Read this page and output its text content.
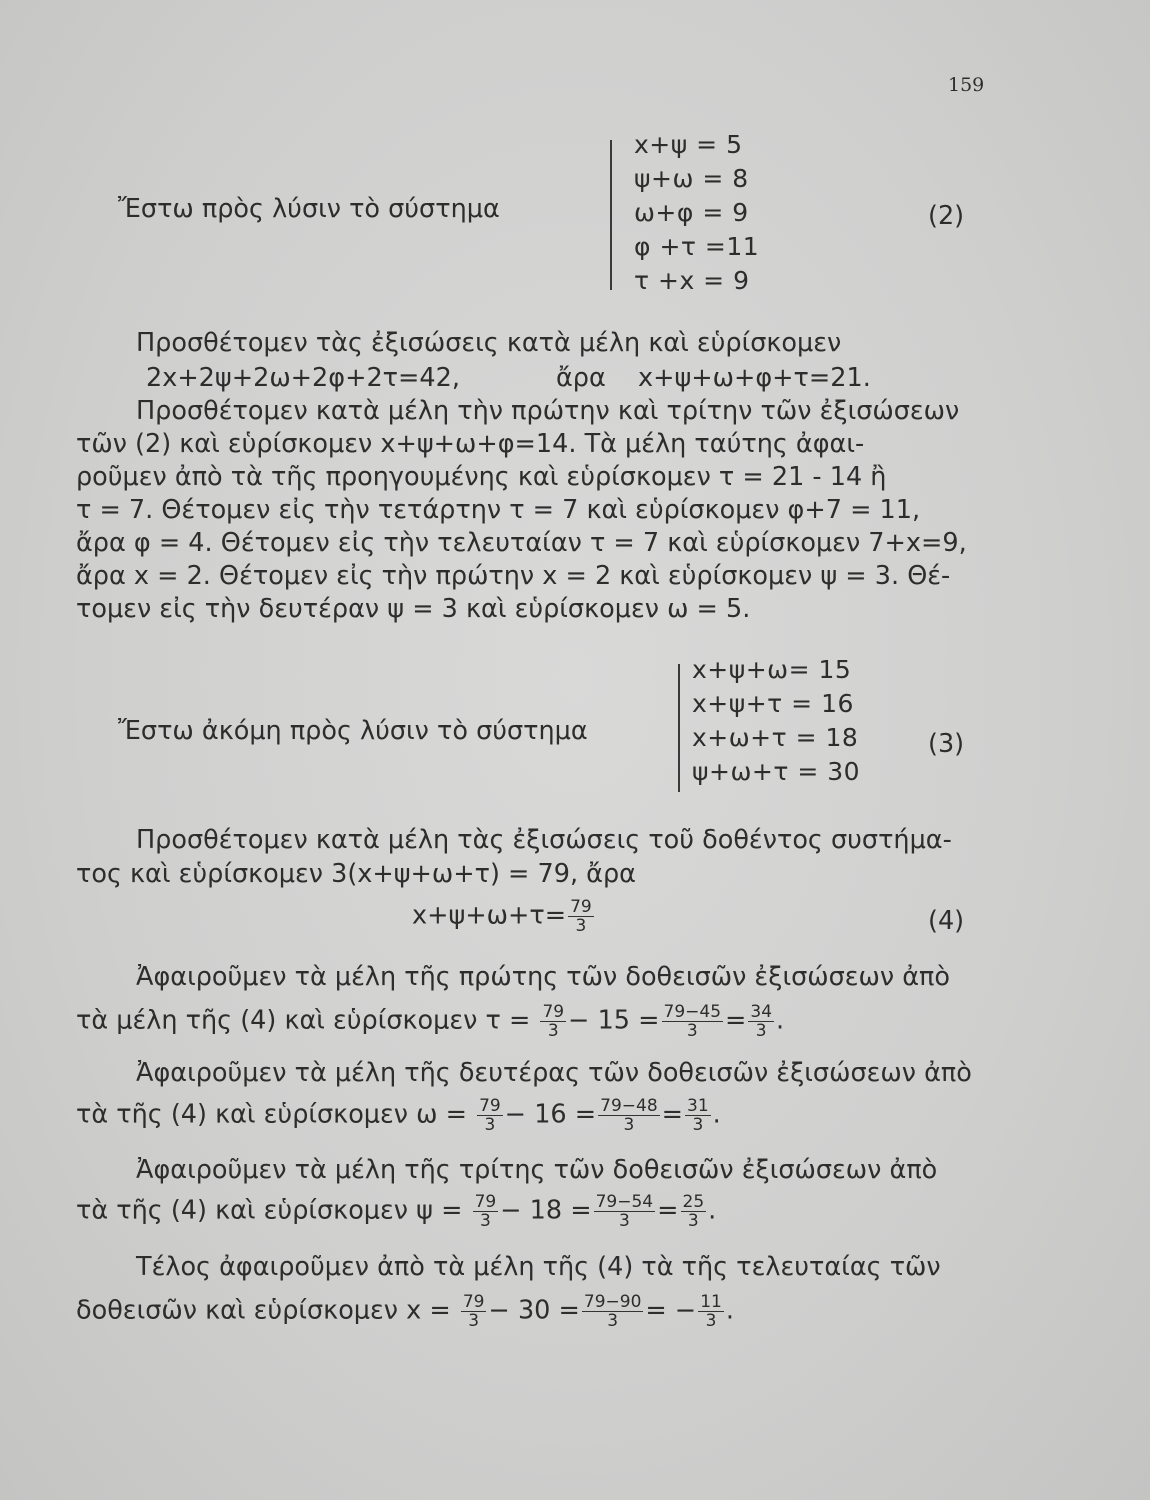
159
Ἔστω πρὸς λύσιν τὸ σύστημα
x+ψ = 5
ψ+ω = 8
ω+φ = 9
φ +τ =11
τ +x = 9
(2)
Προσθέτομεν τὰς ἐξισώσεις κατὰ μέλη καὶ εὑρίσκομεν
2x+2ψ+2ω+2φ+2τ=42,	ἄρα x+ψ+ω+φ+τ=21.
Προσθέτομεν κατὰ μέλη τὴν πρώτην καὶ τρίτην τῶν ἐξισώσεων
τῶν (2) καὶ εὑρίσκομεν x+ψ+ω+φ=14. Τὰ μέλη ταύτης ἀφαι-
ροῦμεν ἀπὸ τὰ τῆς προηγουμένης καὶ εὑρίσκομεν τ = 21 - 14 ἢ
τ = 7. Θέτομεν εἰς τὴν τετάρτην τ = 7 καὶ εὑρίσκομεν φ+7 = 11,
ἄρα φ = 4. Θέτομεν εἰς τὴν τελευταίαν τ = 7 καὶ εὑρίσκομεν 7+x=9,
ἄρα x = 2. Θέτομεν εἰς τὴν πρώτην x = 2 καὶ εὑρίσκομεν ψ = 3. Θέ-
τομεν εἰς τὴν δευτέραν ψ = 3 καὶ εὑρίσκομεν ω = 5.
Ἔστω ἀκόμη πρὸς λύσιν τὸ σύστημα
x+ψ+ω= 15
x+ψ+τ = 16
x+ω+τ = 18
ψ+ω+τ = 30
(3)
Προσθέτομεν κατὰ μέλη τὰς ἐξισώσεις τοῦ δοθέντος συστήμα-
τος καὶ εὑρίσκομεν 3(x+ψ+ω+τ) = 79, ἄρα
$x+\psi+\omega+\tau= \frac{79}{3}$	(4)
Ἀφαιροῦμεν τὰ μέλη τῆς πρώτης τῶν δοθεισῶν ἐξισώσεων ἀπὸ
τὰ μέλη τῆς (4) καὶ εὑρίσκομεν $\tau = \frac{79}{3} - 15 = \frac{79-45}{3} = \frac{34}{3}$ .
Ἀφαιροῦμεν τὰ μέλη τῆς δευτέρας τῶν δοθεισῶν ἐξισώσεων ἀπὸ
τὰ τῆς (4) καὶ εὑρίσκομεν $\omega = \frac{79}{3} - 16 = \frac{79-48}{3} = \frac{31}{3}$ .
Ἀφαιροῦμεν τὰ μέλη τῆς τρίτης τῶν δοθεισῶν ἐξισώσεων ἀπὸ
τὰ τῆς (4) καὶ εὑρίσκομεν $\psi = \frac{79}{3} - 18 = \frac{79-54}{3} = \frac{25}{3}$ .
Τέλος ἀφαιροῦμεν ἀπὸ τὰ μέλη τῆς (4) τὰ τῆς τελευταίας τῶν
δοθεισῶν καὶ εὑρίσκομεν $x = \frac{79}{3} - 30 = \frac{79-90}{3}$ = − $\frac{11}{3}$ .
